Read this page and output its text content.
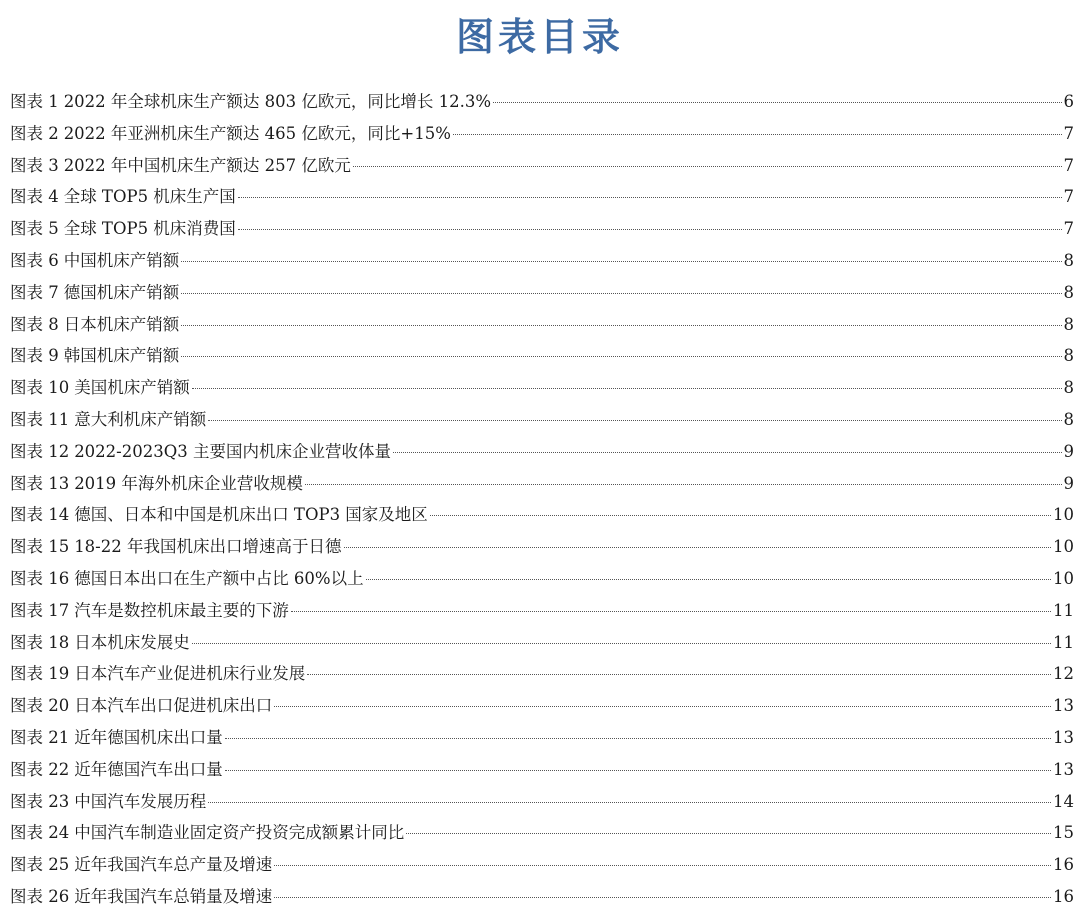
图表目录
图表 1 2022 年全球机床生产额达 803 亿欧元，同比增长 12.3%	6
图表 2 2022 年亚洲机床生产额达 465 亿欧元，同比+15%	7
图表 3 2022 年中国机床生产额达 257 亿欧元	7
图表 4 全球 TOP5 机床生产国	7
图表 5 全球 TOP5 机床消费国	7
图表 6 中国机床产销额	8
图表 7 德国机床产销额	8
图表 8 日本机床产销额	8
图表 9 韩国机床产销额	8
图表 10 美国机床产销额	8
图表 11 意大利机床产销额	8
图表 12 2022-2023Q3 主要国内机床企业营收体量	9
图表 13 2019 年海外机床企业营收规模	9
图表 14 德国、日本和中国是机床出口 TOP3 国家及地区	10
图表 15 18-22 年我国机床出口增速高于日德	10
图表 16 德国日本出口在生产额中占比 60%以上	10
图表 17 汽车是数控机床最主要的下游	11
图表 18 日本机床发展史	11
图表 19 日本汽车产业促进机床行业发展	12
图表 20 日本汽车出口促进机床出口	13
图表 21 近年德国机床出口量	13
图表 22 近年德国汽车出口量	13
图表 23 中国汽车发展历程	14
图表 24 中国汽车制造业固定资产投资完成额累计同比	15
图表 25 近年我国汽车总产量及增速	16
图表 26 近年我国汽车总销量及增速	16
